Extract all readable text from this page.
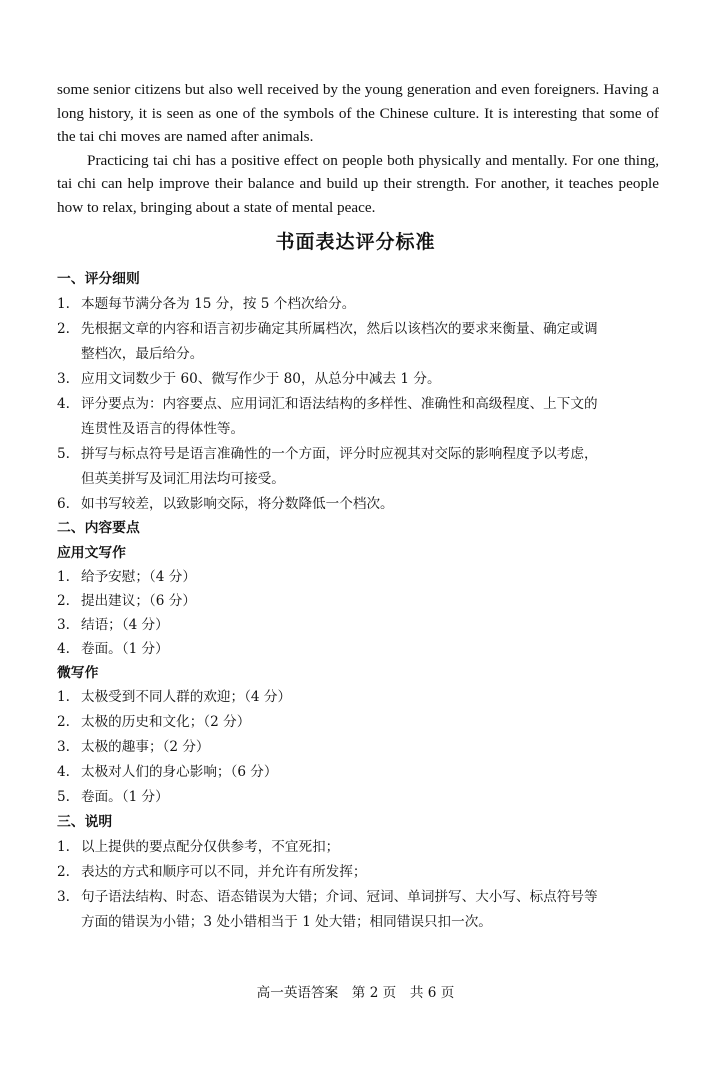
some senior citizens but also well received by the young generation and even foreigners. Having a long history, it is seen as one of the symbols of the Chinese culture. It is interesting that some of the tai chi moves are named after animals.

Practicing tai chi has a positive effect on people both physically and mentally. For one thing, tai chi can help improve their balance and build up their strength. For another, it teaches people how to relax, bringing about a state of mental peace.

书面表达评分标准
一、评分细则
1. 本题每节满分各为 15 分，按 5 个档次给分。
2. 先根据文章的内容和语言初步确定其所属档次，然后以该档次的要求来衡量、确定或调
整档次，最后给分。
3. 应用文词数少于 60、微写作少于 80，从总分中减去 1 分。
4. 评分要点为：内容要点、应用词汇和语法结构的多样性、准确性和高级程度、上下文的
连贯性及语言的得体性等。
5. 拼写与标点符号是语言准确性的一个方面，评分时应视其对交际的影响程度予以考虑，
但英美拼写及词汇用法均可接受。
6. 如书写较差，以致影响交际，将分数降低一个档次。
二、内容要点
应用文写作
1. 给予安慰；（4 分）
2. 提出建议；（6 分）
3. 结语；（4 分）
4. 卷面。（1 分）
微写作
1. 太极受到不同人群的欢迎；（4 分）
2. 太极的历史和文化；（2 分）
3. 太极的趣事；（2 分）
4. 太极对人们的身心影响；（6 分）
5. 卷面。（1 分）
三、说明
1. 以上提供的要点配分仅供参考，不宜死扣；
2. 表达的方式和顺序可以不同，并允许有所发挥；
3. 句子语法结构、时态、语态错误为大错；介词、冠词、单词拼写、大小写、标点符号等
方面的错误为小错；3 处小错相当于 1 处大错；相同错误只扣一次。
高一英语答案　第 2 页　共 6 页
